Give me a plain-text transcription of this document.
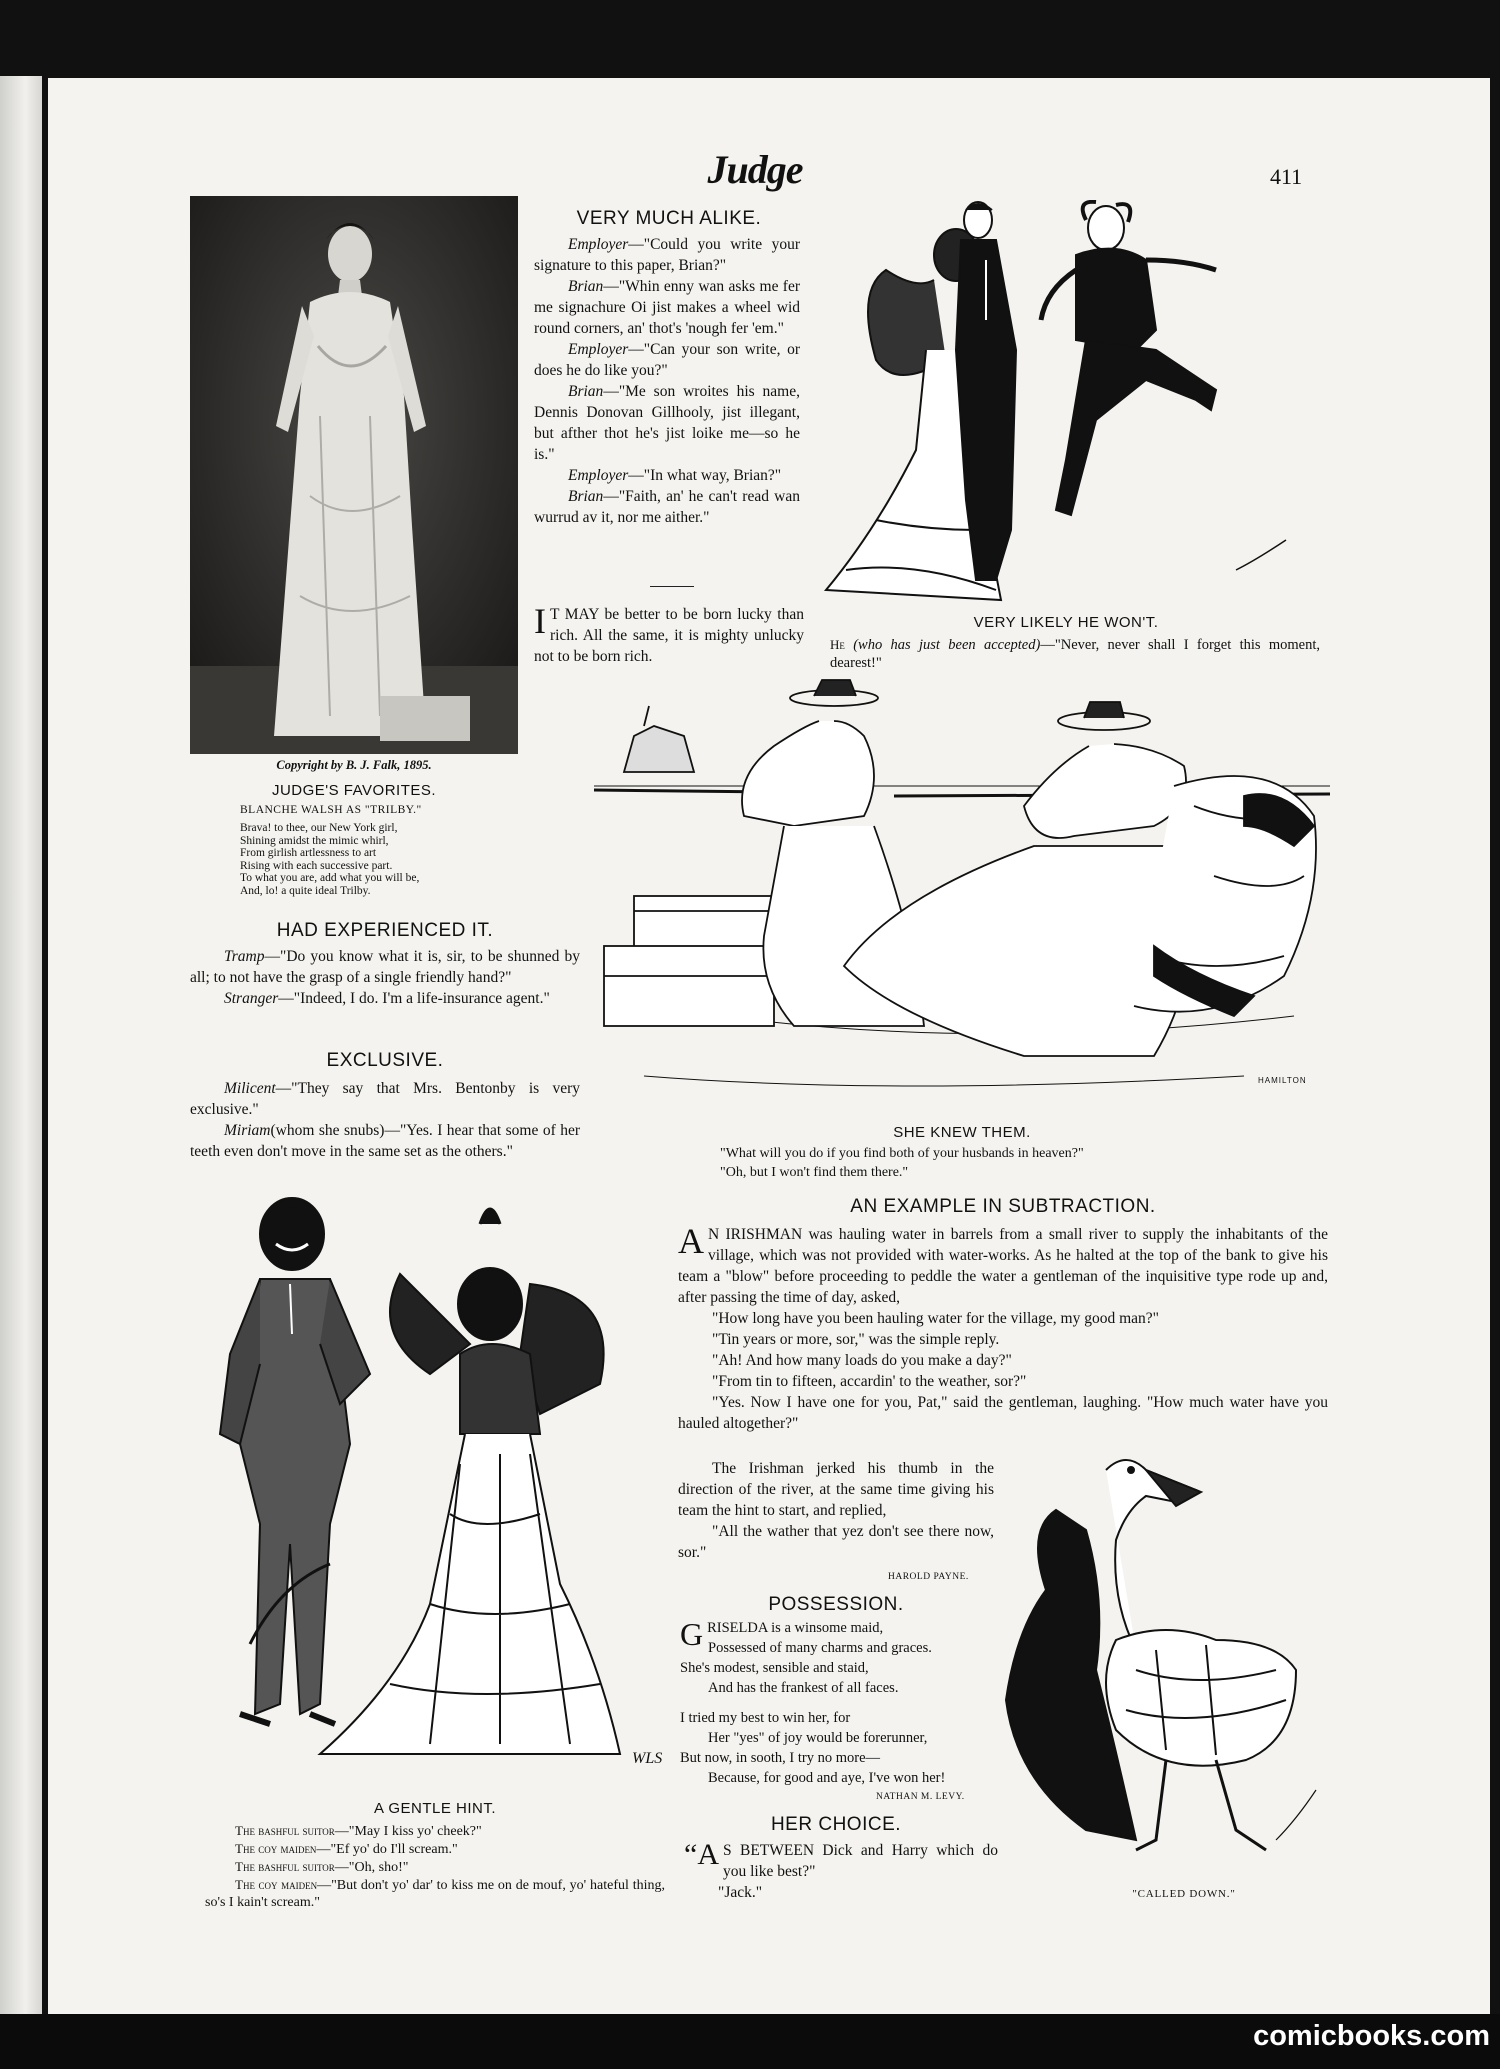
Judge	411
Copyright by B. J. Falk, 1895.
JUDGE'S FAVORITES.
BLANCHE WALSH AS "TRILBY."
Brava! to thee, our New York girl,
Shining amidst the mimic whirl,
From girlish artlessness to art
Rising with each successive part.
To what you are, add what you will be,
And, lo! a quite ideal Trilby.
VERY MUCH ALIKE.

Employer—"Could you write your signature to this paper, Brian?"

Brian—"Whin enny wan asks me fer me signachure Oi jist makes a wheel wid round corners, an' thot's 'nough fer 'em."

Employer—"Can your son write, or does he do like you?"

Brian—"Me son wroites his name, Dennis Donovan Gillhooly, jist illegant, but afther thot he's jist loike me—so he is."

Employer—"In what way, Brian?"

Brian—"Faith, an' he can't read wan wurrud av it, nor me aither."

I T MAY be better to be born lucky than rich. All the same, it is mighty unlucky not to be born rich.

VERY LIKELY HE WON'T.
He (who has just been accepted)—"Never, never shall I forget this moment, dearest!"
HAMILTON
SHE KNEW THEM.
"What will you do if you find both of your husbands in heaven?"
"Oh, but I won't find them there."
HAD EXPERIENCED IT.

Tramp—"Do you know what it is, sir, to be shunned by all; to not have the grasp of a single friendly hand?"

Stranger—"Indeed, I do. I'm a life-insurance agent."

EXCLUSIVE.

Milicent—"They say that Mrs. Bentonby is very exclusive."

Miriam(whom she snubs)—"Yes. I hear that some of her teeth even don't move in the same set as the others."

WLS
A GENTLE HINT.
The bashful suitor—"May I kiss yo' cheek?"
The coy maiden—"Ef yo' do I'll scream."
The bashful suitor—"Oh, sho!"
The coy maiden—"But don't yo' dar' to kiss me on de mouf, yo' hateful thing, so's I kain't scream."
AN EXAMPLE IN SUBTRACTION.

A N IRISHMAN was hauling water in barrels from a small river to supply the inhabitants of the village, which was not provided with water-works. As he halted at the top of the bank to give his team a "blow" before proceeding to peddle the water a gentleman of the inquisitive type rode up and, after passing the time of day, asked,

"How long have you been hauling water for the village, my good man?"

"Tin years or more, sor," was the simple reply.

"Ah! And how many loads do you make a day?"

"From tin to fifteen, accardin' to the weather, sor?"

"Yes. Now I have one for you, Pat," said the gentleman, laughing. "How much water have you hauled altogether?"

The Irishman jerked his thumb in the direction of the river, at the same time giving his team the hint to start, and replied,

"All the wather that yez don't see there now, sor."

HAROLD PAYNE.
POSSESSION.
GRISELDA is a winsome maid,
Possessed of many charms and graces.
She's modest, sensible and staid,
And has the frankest of all faces.
I tried my best to win her, for
Her "yes" of joy would be forerunner,
But now, in sooth, I try no more—
Because, for good and aye, I've won her!
NATHAN M. LEVY.
HER CHOICE.

“A S BETWEEN Dick and Harry which do you like best?"

"Jack."	"CALLED DOWN."
comicbooks.com
